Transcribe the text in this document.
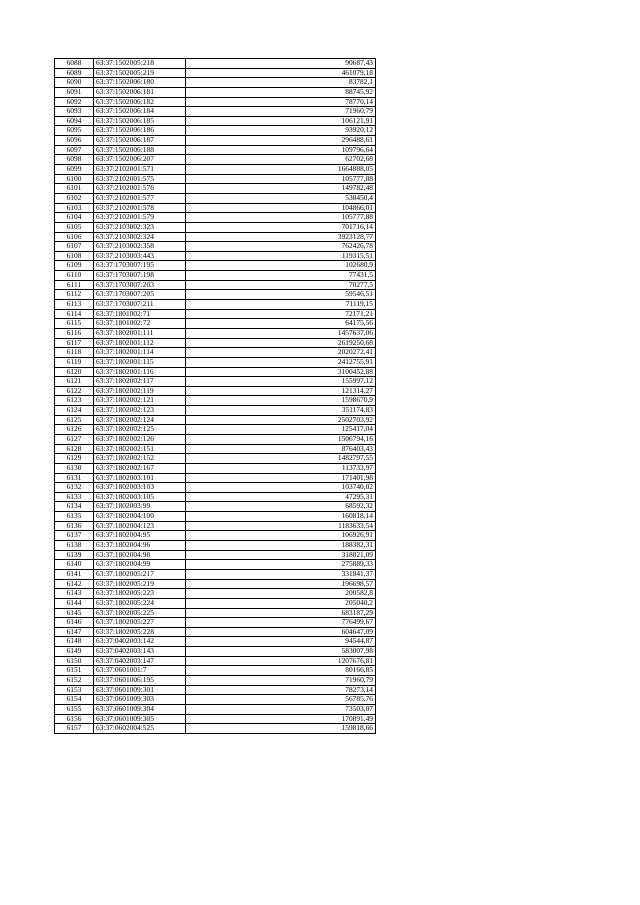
6088	63:37:1502005:218	90687,43
6089	63:37:1502005:219	461079,18
6090	63:37:1502006:180	83782,1
6091	63:37:1502006:181	88745,92
6092	63:37:1502006:182	78770,14
6093	63:37:1502006:184	71960,79
6094	63:37:1502006:185	106121,91
6095	63:37:1502006:186	93920,12
6096	63:37:1502006:187	296488,61
6097	63:37:1502006:188	109796,64
6098	63:37:1502006:207	62702,68
6099	63:37:2102001:571	1664888,05
6100	63:37:2102001:575	105777,88
6101	63:37:2102001:576	149782,48
6102	63:37:2102001:577	538450,4
6103	63:37:2102001:578	104866,01
6104	63:37:2102001:579	105777,88
6105	63:37:2103002:323	701716,14
6106	63:37:2103002:324	3923128,77
6107	63:37:2103002:358	762426,78
6108	63:37:2103003:443	119315,51
6109	63:37:1703007:195	102680,9
6110	63:37:1703007:198	77431,5
6111	63:37:1703007:203	70277,5
6112	63:37:1703007:205	59546,51
6113	63:37:1703007:211	71119,15
6114	63:37:1801002:71	72171,21
6115	63:37:1801002:72	64175,56
6116	63:37:1802001:111	1457637,06
6117	63:37:1802001:112	2619250,68
6118	63:37:1802001:114	2020272,41
6119	63:37:1802001:115	2412755,91
6120	63:37:1802001:116	3100452,88
6121	63:37:1802002:117	155997,12
6122	63:37:1802002:119	121314,27
6123	63:37:1802002:121	1598670,9
6124	63:37:1802002:123	351174,83
6125	63:37:1802002:124	2502703,92
6126	63:37:1802002:125	125417,04
6127	63:37:1802002:126	1506794,16
6128	63:37:1802002:151	876403,43
6129	63:37:1802002:152	1482797,55
6130	63:37:1802002:167	113733,97
6131	63:37:1802003:101	171401,98
6132	63:37:1802003:103	103740,02
6133	63:37:1802003:105	47295,31
6134	63:37:1802003:99	68592,32
6135	63:37:1802004:100	160818,14
6136	63:37:1802004:123	1183633,54
6137	63:37:1802004:95	106926,91
6138	63:37:1802004:96	188382,31
6139	63:37:1802004:98	318821,09
6140	63:37:1802004:99	275889,33
6141	63:37:1802005:217	331841,37
6142	63:37:1802005:219	196698,57
6143	63:37:1802005:223	200582,8
6144	63:37:1802005:224	205040,2
6145	63:37:1802005:225	683187,29
6146	63:37:1802005:227	776499,67
6147	63:37:1802005:228	604647,09
6148	63:37:0402003:142	94544,87
6149	63:37:0402003:143	583007,98
6150	63:37:0402003:147	1207676,81
6151	63:37:0601001:7	80166,85
6152	63:37:0601006:195	71960,79
6153	63:37:0601009:301	78273,14
6154	63:37:0601009:303	56785,76
6155	63:37:0601009:304	73503,07
6156	63:37:0601009:305	170891,49
6157	63:37:0602004:525	159818,66
